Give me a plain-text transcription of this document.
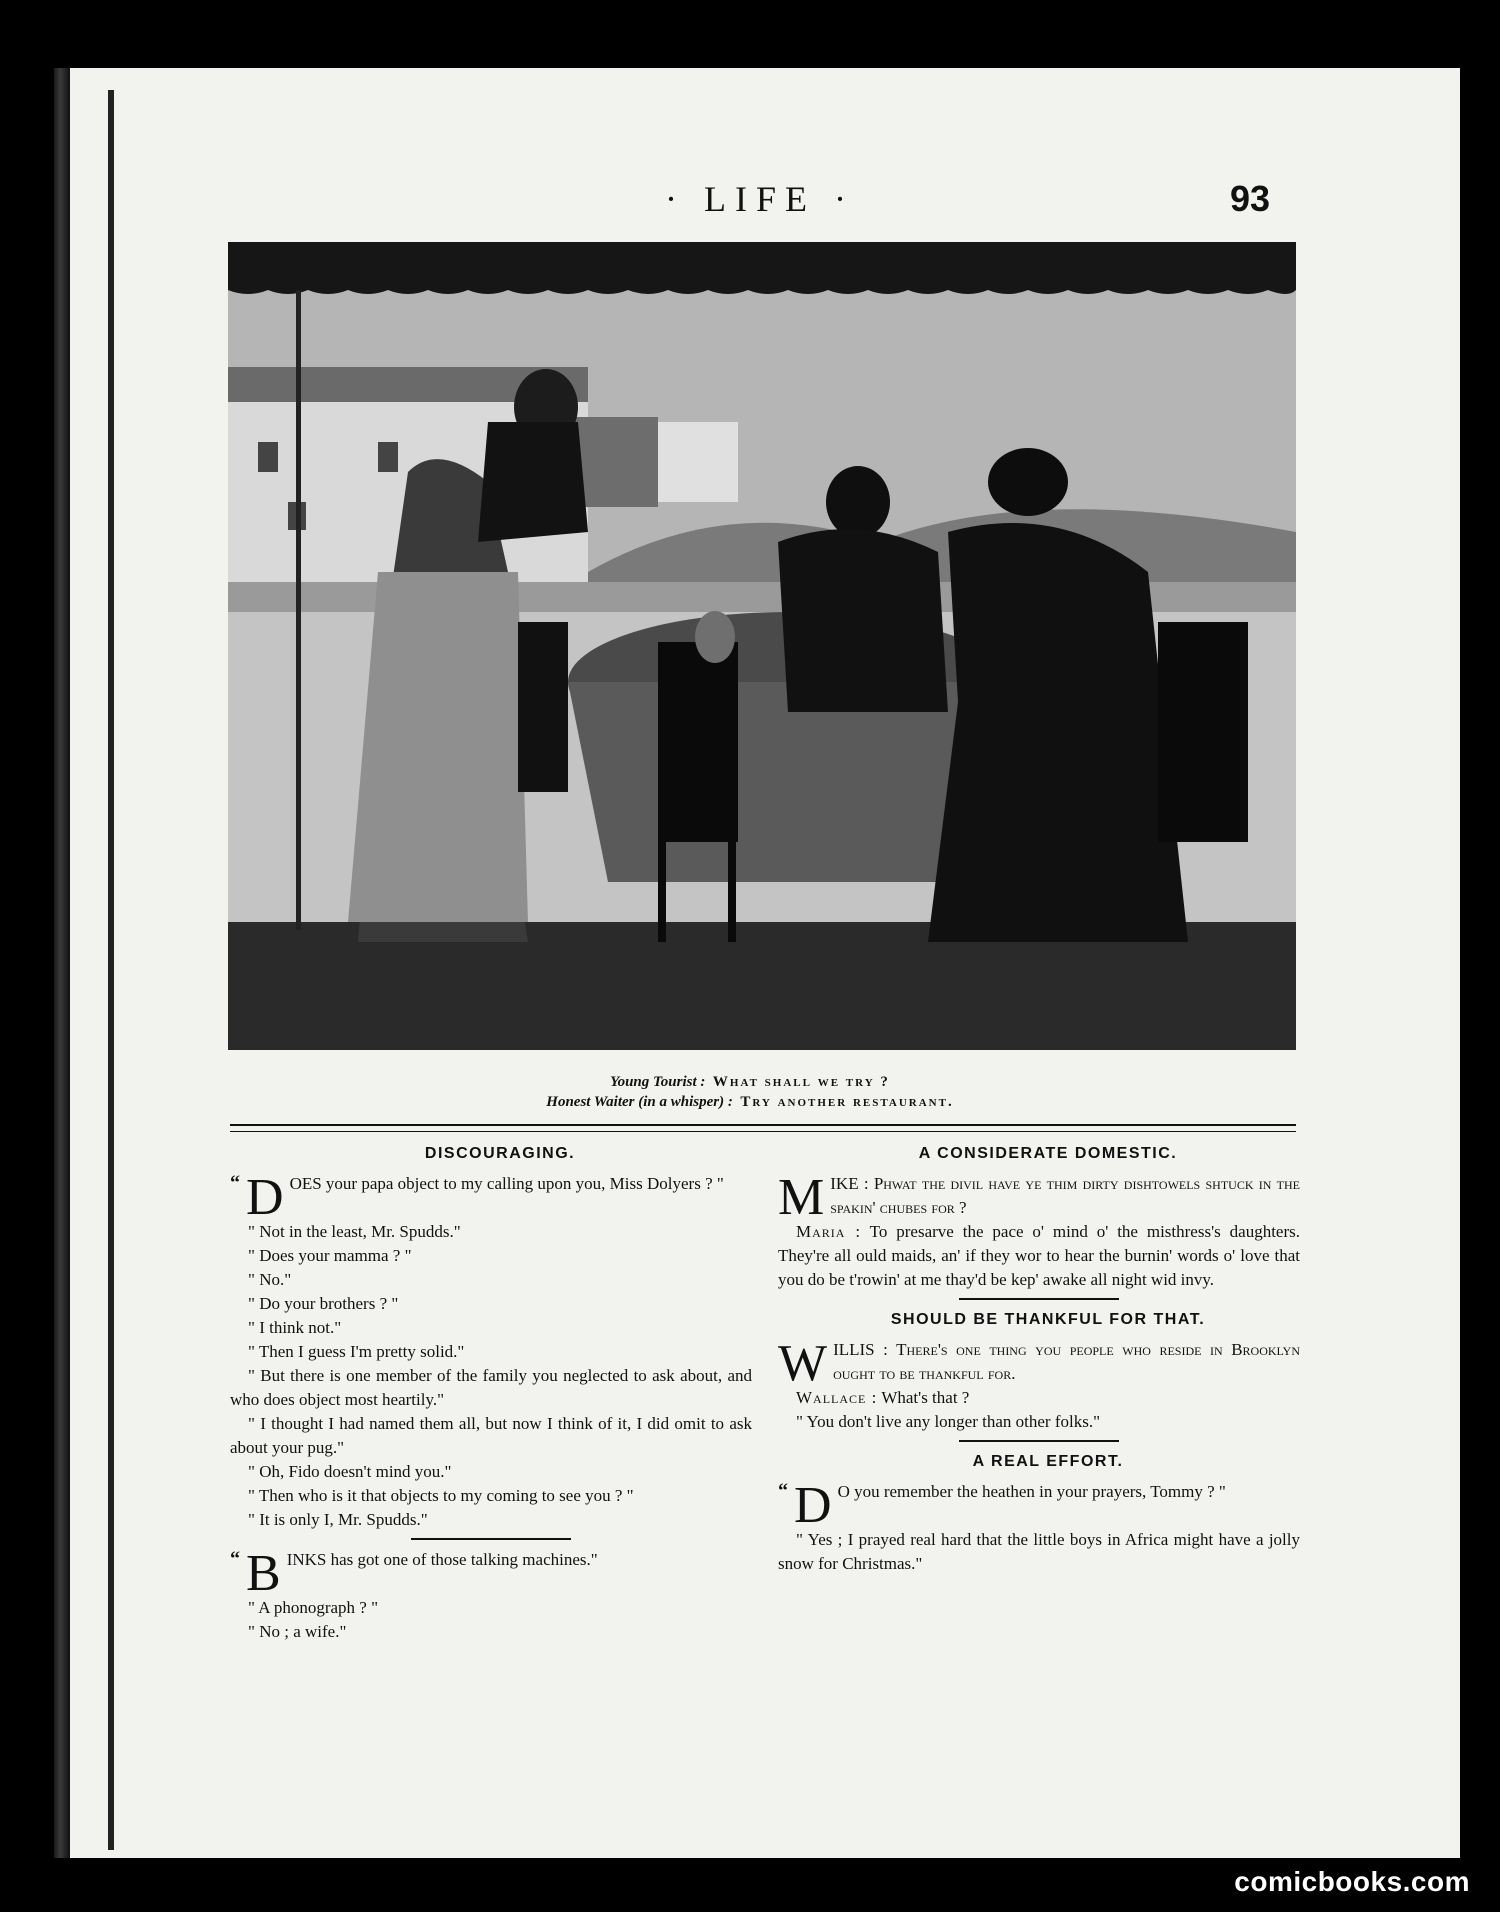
· LIFE ·	93
Young Tourist : What shall we try ?
Honest Waiter (in a whisper) : Try another restaurant.

DISCOURAGING.

“ D OES your papa object to my calling upon you, Miss Dolyers ? "

" Not in the least, Mr. Spudds."

" Does your mamma ? "

" No."

" Do your brothers ? "

" I think not."

" Then I guess I'm pretty solid."

" But there is one member of the family you neglected to ask about, and who does object most heartily."

" I thought I had named them all, but now I think of it, I did omit to ask about your pug."

" Oh, Fido doesn't mind you."

" Then who is it that objects to my coming to see you ? "

" It is only I, Mr. Spudds."

“ B INKS has got one of those talking machines."

" A phonograph ? "

" No ; a wife."

A CONSIDERATE DOMESTIC.

M IKE : Phwat the divil have ye thim dirty dishtowels shtuck in the spakin' chubes for ?

Maria : To presarve the pace o' mind o' the misthress's daughters. They're all ould maids, an' if they wor to hear the burnin' words o' love that you do be t'rowin' at me thay'd be kep' awake all night wid invy.

SHOULD BE THANKFUL FOR THAT.

W ILLIS : There's one thing you people who reside in Brooklyn ought to be thankful for.

Wallace : What's that ?

" You don't live any longer than other folks."

A REAL EFFORT.

“ D O you remember the heathen in your prayers, Tommy ? "

" Yes ; I prayed real hard that the little boys in Africa might have a jolly snow for Christmas."

comicbooks.com
